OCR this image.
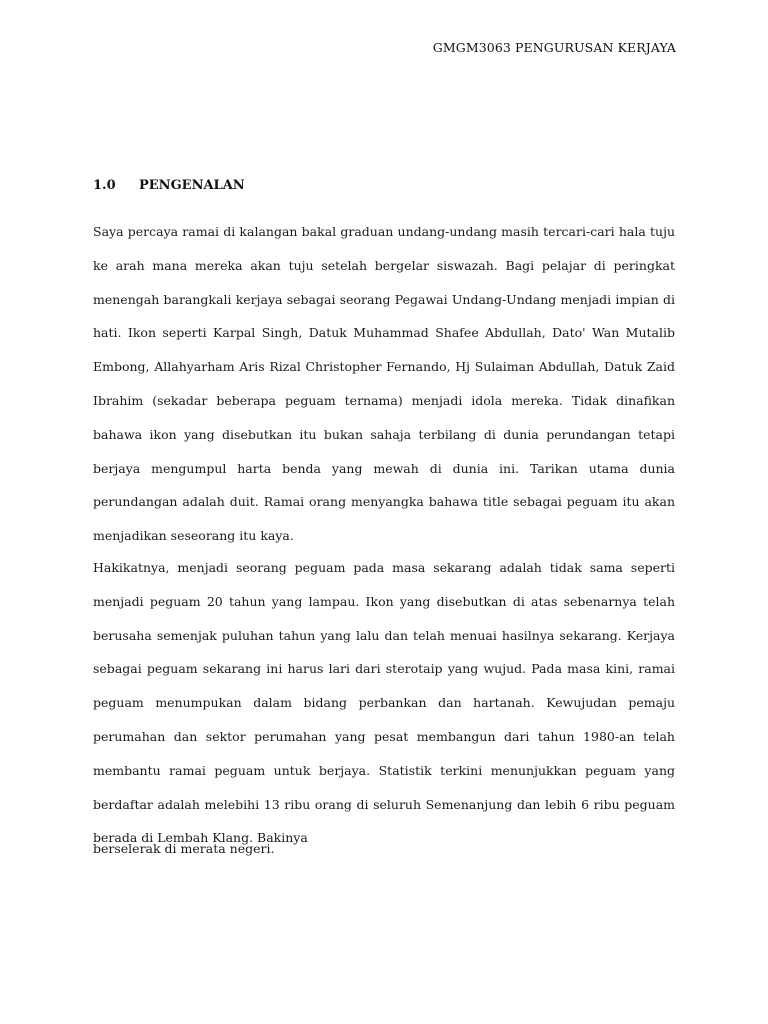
GMGM3063 PENGURUSAN KERJAYA
1.0 PENGENALAN

Saya percaya ramai di kalangan bakal graduan undang-undang masih tercari-cari hala tuju ke arah mana mereka akan tuju setelah bergelar siswazah. Bagi pelajar di peringkat menengah barangkali kerjaya sebagai seorang Pegawai Undang-Undang menjadi impian di hati. Ikon seperti Karpal Singh, Datuk Muhammad Shafee Abdullah, Dato' Wan Mutalib Embong, Allahyarham Aris Rizal Christopher Fernando, Hj Sulaiman Abdullah, Datuk Zaid Ibrahim (sekadar beberapa peguam ternama) menjadi idola mereka. Tidak dinafikan bahawa ikon yang disebutkan itu bukan sahaja terbilang di dunia perundangan tetapi berjaya mengumpul harta benda yang mewah di dunia ini. Tarikan utama dunia perundangan adalah duit. Ramai orang menyangka bahawa title sebagai peguam itu akan menjadikan seseorang itu kaya.

Hakikatnya, menjadi seorang peguam pada masa sekarang adalah tidak sama seperti menjadi peguam 20 tahun yang lampau. Ikon yang disebutkan di atas sebenarnya telah berusaha semenjak puluhan tahun yang lalu dan telah menuai hasilnya sekarang. Kerjaya sebagai peguam sekarang ini harus lari dari sterotaip yang wujud. Pada masa kini, ramai peguam menumpukan dalam bidang perbankan dan hartanah. Kewujudan pemaju perumahan dan sektor perumahan yang pesat membangun dari tahun 1980-an telah membantu ramai peguam untuk berjaya. Statistik terkini menunjukkan peguam yang berdaftar adalah melebihi 13 ribu orang di seluruh Semenanjung dan lebih 6 ribu peguam berada di Lembah Klang. Bakinya

berselerak di merata negeri.
